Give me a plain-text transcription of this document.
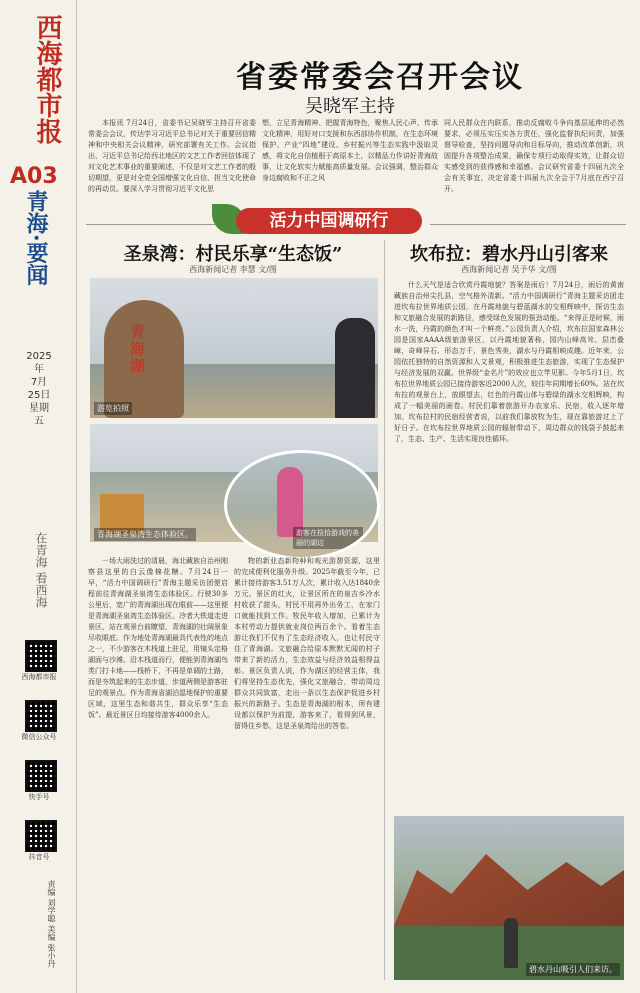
西海都市报
A03
青海·要闻
2025年
7月
25日
星期五
在青海 看西海
西海都市报
微信公众号
快手号
抖音号
责编 刘学聪 美编 张小丹
省委常委会召开会议
吴晓军主持
本报讯 7月24日，省委书记吴晓军主持召开省委常委会会议，传达学习习近平总书记对关于重要回信精神和中央相关会议精神，研究部署有关工作。会议指出，习近平总书记给西北地区的文艺工作者回信体现了对文化艺术事业的重要阐述，不仅是对文艺工作者的殷切期望，更是对全党全国增强文化自信、担当文化使命的再动员。要深入学习贯彻习近平文化思
想，立足青海精神、把握青海特色，聚焦人民心声、传承文化精神，用好对口支援和东西部协作机制，在生态环境保护、产业“四地”建设、乡村振兴等生态实践中汲取灵感，将文化自信植根于高原本土，以精品力作讲好青海故事，让文化软实力赋能高质量发展。会议强调，整治群众身边腐败和不正之风
同人民群众在内联系，推动反腐败斗争向基层延伸的必然要求，必须压实压实各方责任，强化监督执纪问责，加强督导检查，坚持问题导向和目标导向，推动改革创新，巩固提升各项整治成果，确保专项行动取得实效，让群众切实感受到的获得感和幸福感。会议研究省委十四届九次全会有关事宜，决定省委十四届九次全会于7月底在西宁召开。
活力中国调研行
圣泉湾：村民乐享“生态饭”
西海新闻记者 李慧 文/图
青
海
湖
游览拍照
青海湖圣泉湾生态体验区。	游客在捡拾游戏的美丽的湖边
一场大雨洗过的清晨，海北藏族自治州刚察县这里的白云像棉花糖。7月24日一早，“活力中国调研行”青海主题采访团便启程前往青海湖圣泉湾生态体验区。行驶30多公里后，宽广的青海湖出现在眼前——这里便是青海湖圣泉湾生态体验区。冷者大铁道走进景区，站在观景台前瞭望，青海湖的壮阔景象尽收眼底。作为地处青海湖最具代表性的地点之一，不少游客在木栈道上驻足，用镜头定格湖面与沙滩。沿木栈道而行，便能到青海湖鸟类门打卡地——栈桥下，不再是单调的土路，而是夯筑起来的生态步道，步道两侧是游客驻足的观景点。作为青海省湖泊湿地保护的重要区域，这里生态和谐共生，群众乐享“生态饭”。最近景区日均接待游客4000余人。
物的新业态新物种和观光游憩资源，这里的完成便利化服务升级。2025年截至今年，已累计接待游客3.51万人次，累计收入达1840余万元。景区的红火，让景区所在的泉吉乡冷水村收获了甜头，村民不用再外出务工，在家门口就能找到工作。牧民年收入增加，已累计为本村劳动力提供就业岗位两百余个。看着生态游让我们不仅有了生态经济收入，也让村民守住了青海湖。文旅融合给原本默默无闻的村子带来了新的活力，生态效益与经济效益相得益彰。景区负责人说，作为湖区的经营主体，我们将坚持生态优先，强化文旅融合，带动周边群众共同致富，走出一条以生态保护促进乡村振兴的新路子。生态是青海湖的根本，所有建设都以保护为前提，游客来了，看得到风景，留得住乡愁，这是圣泉湾给出的答卷。
坎布拉：碧水丹山引客来
西海新闻记者 吴予华 文/图
什么天气是适合欣赏丹霞地貌？答案是雨后！7月24日，雨后的黄南藏族自治州尖扎县，空气格外清新。“活力中国调研行”青海主题采访团走进坎布拉世界地质公园，在丹霞地貌与碧蓝湖水的交相辉映中，探访生态和文旅融合发展的新路径，感受绿色发展的强劲动能。“来得正是时候，雨水一洗，丹霞的颜色才叫一个鲜亮。”公园负责人介绍，坎布拉国家森林公园是国家AAAA级旅游景区，以丹霞地貌著称，园内山峰高耸、层峦叠嶂，奇峰异石、形态万千，景色秀美，湖水与丹霞相映成趣。近年来，公园依托独特的自然资源和人文景观，积极推进生态旅游，实现了生态保护与经济发展的双赢。世界级“金名片”的效应也立竿见影。今年5月1日，坎布拉世界地质公园已接待游客近2000人次，较往年同期增长60%。站在坎布拉的观景台上，放眼望去，红色的丹霞山体与碧绿的湖水交相辉映，构成了一幅美丽的画卷。村民们靠着旅游开办农家乐、民宿，收入逐年增加。坎布拉村的民宿经营者说，以前我们靠放牧为生，现在靠旅游过上了好日子。在坎布拉世界地质公园的辐射带动下，周边群众的钱袋子鼓起来了，生态、生产、生活实现良性循环。
碧水丹山吸引人们来访。
